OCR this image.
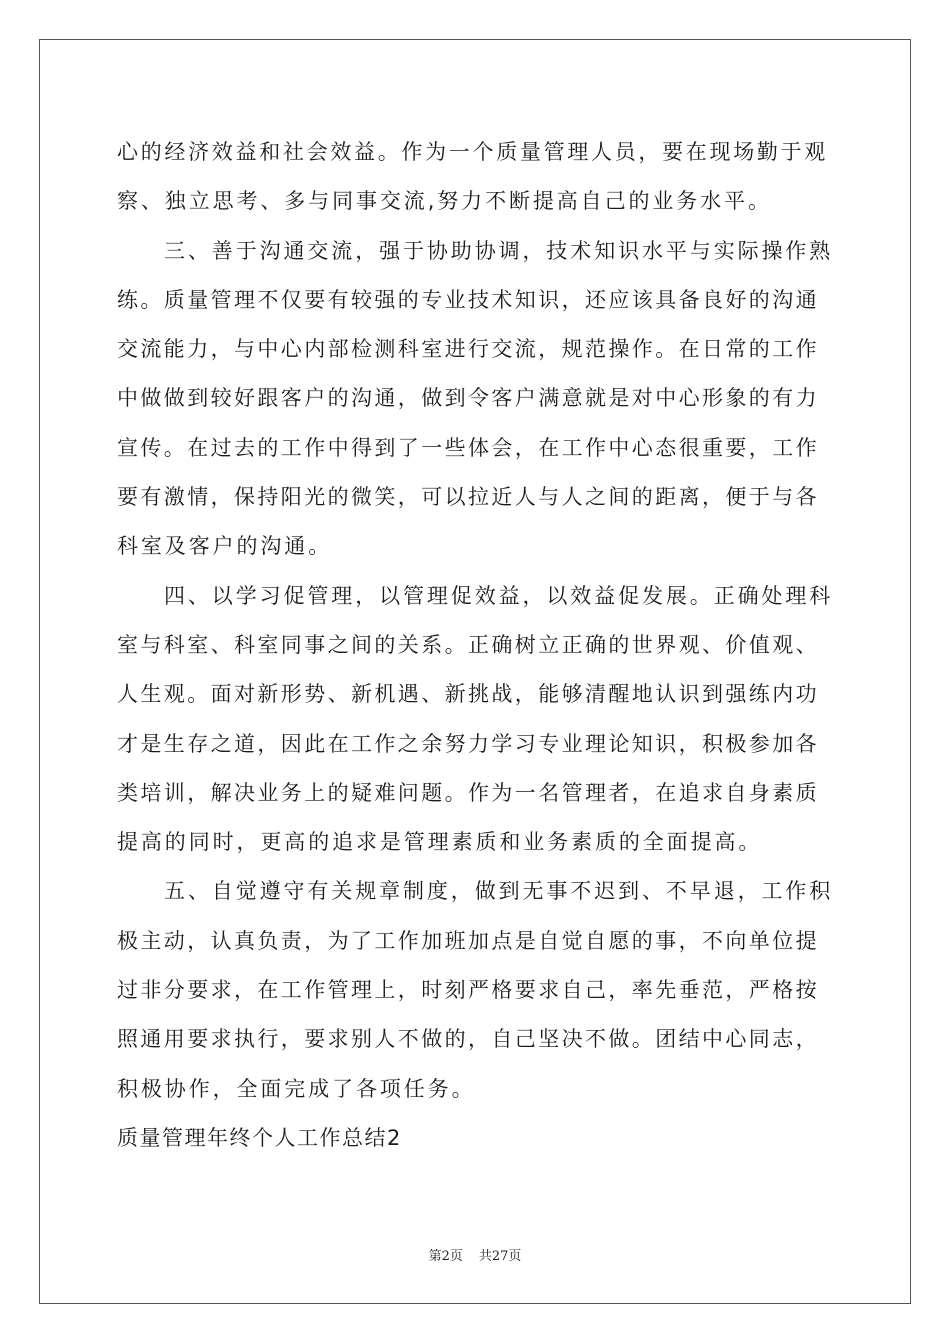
心的经济效益和社会效益。作为一个质量管理人员，要在现场勤于观
察、独立思考、多与同事交流,努力不断提高自己的业务水平。
三、善于沟通交流，强于协助协调，技术知识水平与实际操作熟
练。质量管理不仅要有较强的专业技术知识，还应该具备良好的沟通
交流能力，与中心内部检测科室进行交流，规范操作。在日常的工作
中做做到较好跟客户的沟通，做到令客户满意就是对中心形象的有力
宣传。在过去的工作中得到了一些体会，在工作中心态很重要，工作
要有激情，保持阳光的微笑，可以拉近人与人之间的距离，便于与各
科室及客户的沟通。
四、以学习促管理，以管理促效益，以效益促发展。正确处理科
室与科室、科室同事之间的关系。正确树立正确的世界观、价值观、
人生观。面对新形势、新机遇、新挑战，能够清醒地认识到强练内功
才是生存之道，因此在工作之余努力学习专业理论知识，积极参加各
类培训，解决业务上的疑难问题。作为一名管理者，在追求自身素质
提高的同时，更高的追求是管理素质和业务素质的全面提高。
五、自觉遵守有关规章制度，做到无事不迟到、不早退，工作积
极主动，认真负责，为了工作加班加点是自觉自愿的事，不向单位提
过非分要求，在工作管理上，时刻严格要求自己，率先垂范，严格按
照通用要求执行，要求别人不做的，自己坚决不做。团结中心同志，
积极协作，全面完成了各项任务。
质量管理年终个人工作总结2
第2页 共27页
